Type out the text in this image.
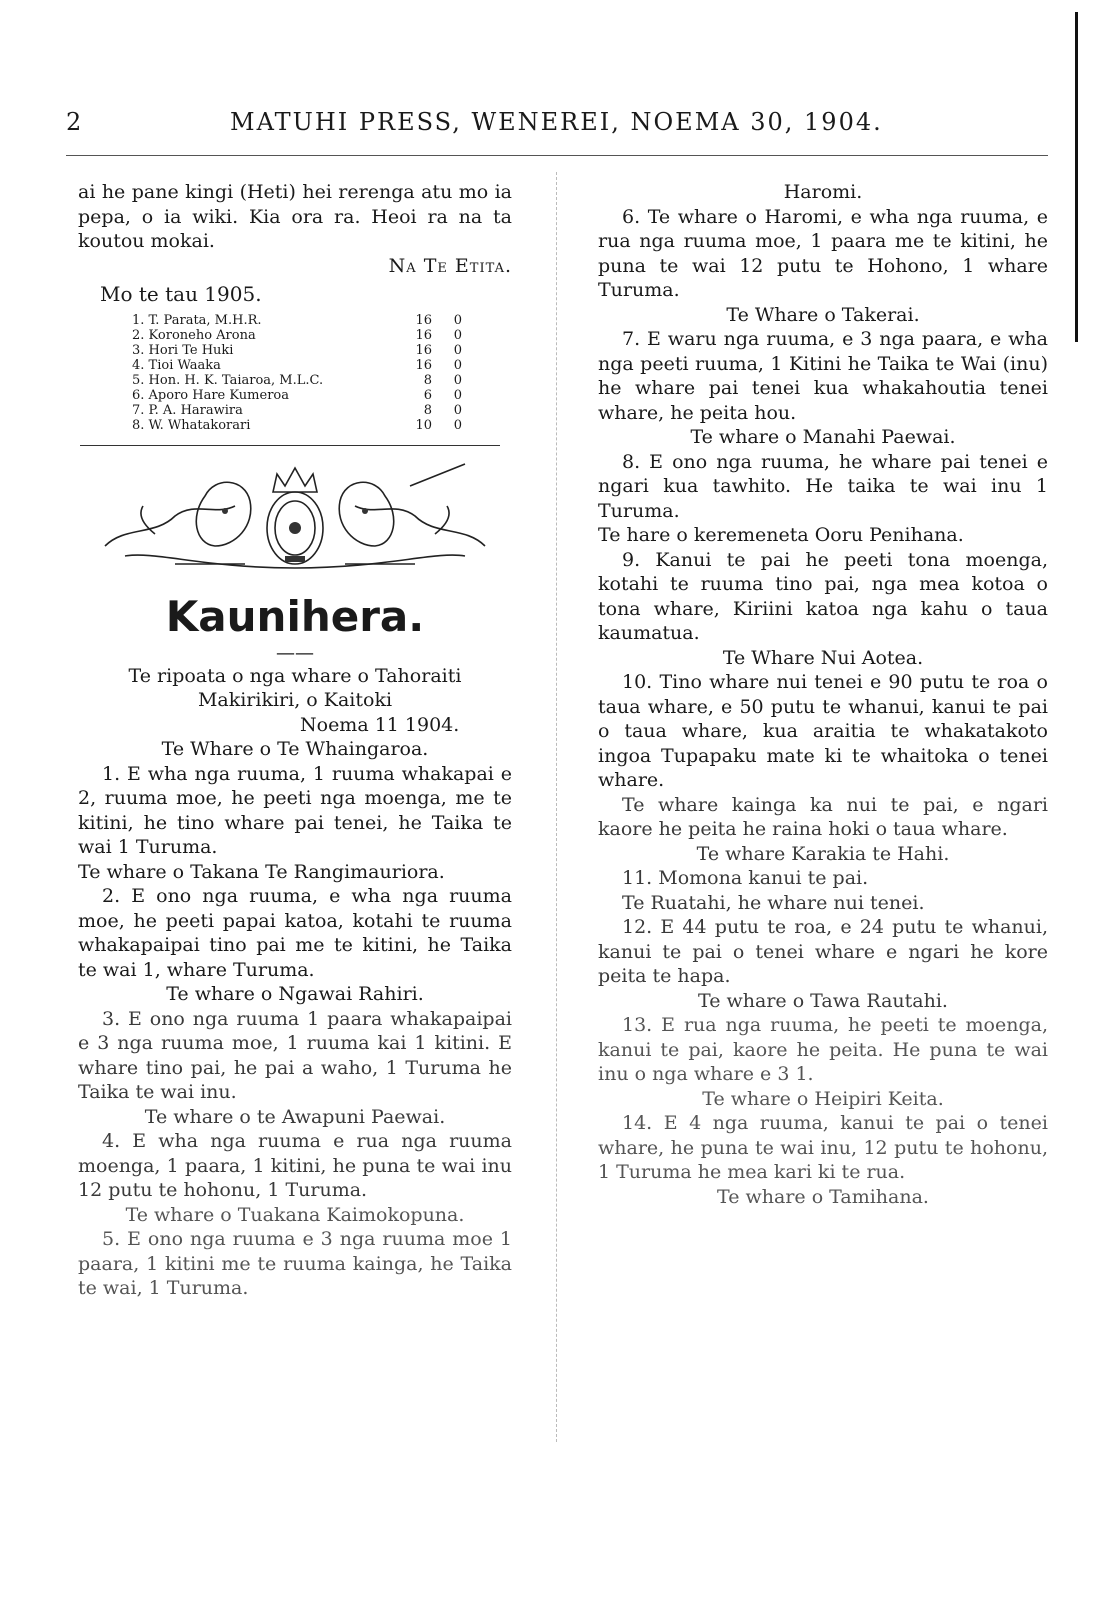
2	MATUHI PRESS, WENEREI, NOEMA 30, 1904.

ai he pane kingi (Heti) hei rerenga atu mo ia pepa, o ia wiki. Kia ora ra. Heoi ra na ta koutou mokai.

Na Te Etita.

Mo te tau 1905.

1. T. Parata, M.H.R.	16	0
2. Koroneho Arona	16	0
3. Hori Te Huki	16	0
4. Tioi Waaka	16	0
5. Hon. H. K. Taiaroa, M.L.C.	8	0
6. Aporo Hare Kumeroa	6	0
7. P. A. Harawira	8	0
8. W. Whatakorari	10	0

Kaunihera.

——

Te ripoata o nga whare o Tahoraiti

Makirikiri, o Kaitoki

Noema 11 1904.

Te Whare o Te Whaingaroa.

1. E wha nga ruuma, 1 ruuma whakapai e 2, ruuma moe, he peeti nga moenga, me te kitini, he tino whare pai tenei, he Taika te wai 1 Turuma.

Te whare o Takana Te Rangimauriora.

2. E ono nga ruuma, e wha nga ruuma moe, he peeti papai katoa, kotahi te ruuma whakapaipai tino pai me te kitini, he Taika te wai 1, whare Turuma.

Te whare o Ngawai Rahiri.

3. E ono nga ruuma 1 paara whakapaipai e 3 nga ruuma moe, 1 ruuma kai 1 kitini. E whare tino pai, he pai a waho, 1 Turuma he Taika te wai inu.

Te whare o te Awapuni Paewai.

4. E wha nga ruuma e rua nga ruuma moenga, 1 paara, 1 kitini, he puna te wai inu 12 putu te hohonu, 1 Turuma.

Te whare o Tuakana Kaimokopuna.

5. E ono nga ruuma e 3 nga ruuma moe 1 paara, 1 kitini me te ruuma kainga, he Taika te wai, 1 Turuma.

Haromi.

6. Te whare o Haromi, e wha nga ruuma, e rua nga ruuma moe, 1 paara me te kitini, he puna te wai 12 putu te Hohono, 1 whare Turuma.

Te Whare o Takerai.

7. E waru nga ruuma, e 3 nga paara, e wha nga peeti ruuma, 1 Kitini he Taika te Wai (inu) he whare pai tenei kua whakahoutia tenei whare, he peita hou.

Te whare o Manahi Paewai.

8. E ono nga ruuma, he whare pai tenei e ngari kua tawhito. He taika te wai inu 1 Turuma.

Te hare o keremeneta Ooru Penihana.

9. Kanui te pai he peeti tona moenga, kotahi te ruuma tino pai, nga mea kotoa o tona whare, Kiriini katoa nga kahu o taua kaumatua.

Te Whare Nui Aotea.

10. Tino whare nui tenei e 90 putu te roa o taua whare, e 50 putu te whanui, kanui te pai o taua whare, kua araitia te whakatakoto ingoa Tupapaku mate ki te whaitoka o tenei whare.

Te whare kainga ka nui te pai, e ngari kaore he peita he raina hoki o taua whare.

Te whare Karakia te Hahi.

11. Momona kanui te pai.

Te Ruatahi, he whare nui tenei.

12. E 44 putu te roa, e 24 putu te whanui, kanui te pai o tenei whare e ngari he kore peita te hapa.

Te whare o Tawa Rautahi.

13. E rua nga ruuma, he peeti te moenga, kanui te pai, kaore he peita. He puna te wai inu o nga whare e 3 1.

Te whare o Heipiri Keita.

14. E 4 nga ruuma, kanui te pai o tenei whare, he puna te wai inu, 12 putu te hohonu, 1 Turuma he mea kari ki te rua.

Te whare o Tamihana.
